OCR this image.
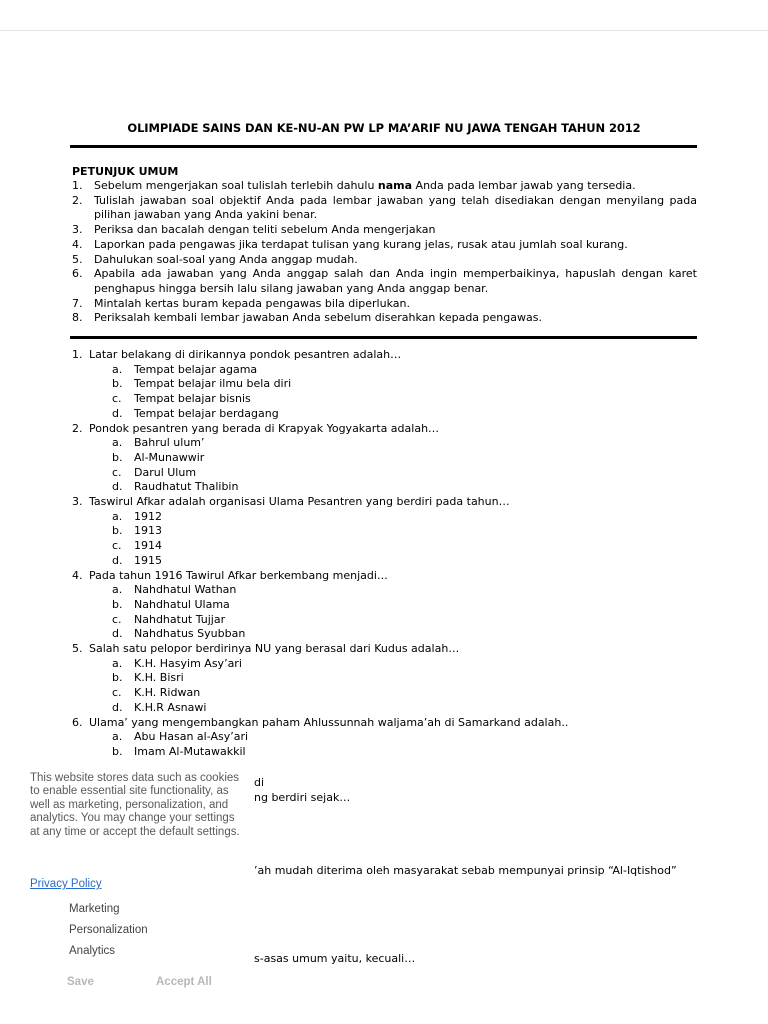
OLIMPIADE SAINS DAN KE-NU-AN PW LP MA’ARIF NU JAWA TENGAH TAHUN 2012
PETUNJUK UMUM
1. Sebelum mengerjakan soal tulislah terlebih dahulu nama Anda pada lembar jawab yang tersedia.
2. Tulislah jawaban soal objektif Anda pada lembar jawaban yang telah disediakan dengan menyilang pada pilihan jawaban yang Anda yakini benar.
3. Periksa dan bacalah dengan teliti sebelum Anda mengerjakan
4. Laporkan pada pengawas jika terdapat tulisan yang kurang jelas, rusak atau jumlah soal kurang.
5. Dahulukan soal-soal yang Anda anggap mudah.
6. Apabila ada jawaban yang Anda anggap salah dan Anda ingin memperbaikinya, hapuslah dengan karet penghapus hingga bersih lalu silang jawaban yang Anda anggap benar.
7. Mintalah kertas buram kepada pengawas bila diperlukan.
8. Periksalah kembali lembar jawaban Anda sebelum diserahkan kepada pengawas.
1. Latar belakang di dirikannya pondok pesantren adalah…
a. Tempat belajar agama
b. Tempat belajar ilmu bela diri
c. Tempat belajar bisnis
d. Tempat belajar berdagang
2. Pondok pesantren yang berada di Krapyak Yogyakarta adalah…
a. Bahrul ulum’
b. Al-Munawwir
c. Darul Ulum
d. Raudhatut Thalibin
3. Taswirul Afkar adalah organisasi Ulama Pesantren yang berdiri pada tahun…
a. 1912
b. 1913
c. 1914
d. 1915
4. Pada tahun 1916 Tawirul Afkar berkembang menjadi…
a. Nahdhatul Wathan
b. Nahdhatul Ulama
c. Nahdhatut Tujjar
d. Nahdhatus Syubban
5. Salah satu pelopor berdirinya NU yang berasal dari Kudus adalah…
a. K.H. Hasyim Asy’ari
b. K.H. Bisri
c. K.H. Ridwan
d. K.H.R Asnawi
6. Ulama’ yang mengembangkan paham Ahlussunnah waljama’ah di Samarkand adalah..
a. Abu Hasan al-Asy’ari
b. Imam Al-Mutawakkil
di
ng berdiri sejak…
’ah mudah diterima oleh masyarakat sebab mempunyai prinsip “Al-Iqtishod”
s-asas umum yaitu, kecuali…
This website stores data such as cookies to enable essential site functionality, as well as marketing, personalization, and analytics. You may change your settings at any time or accept the default settings.
Privacy Policy
Marketing
Personalization
Analytics
Save	Accept All
